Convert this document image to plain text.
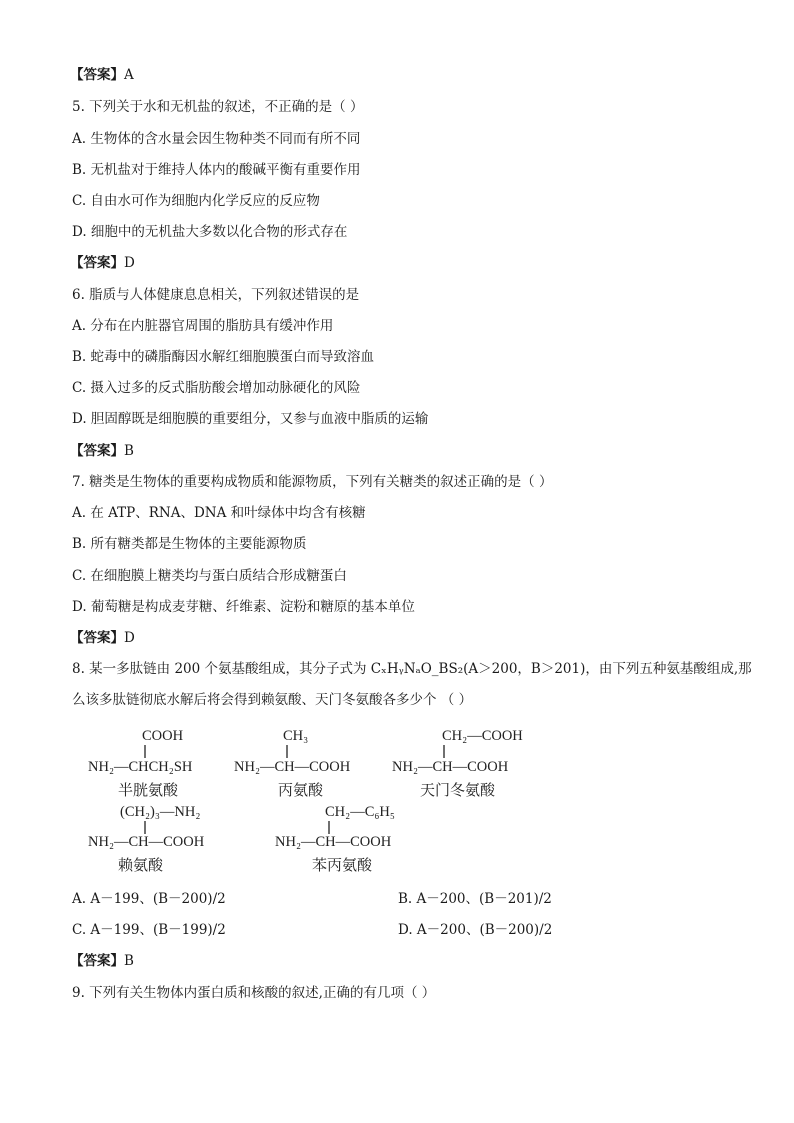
【答案】A
5. 下列关于水和无机盐的叙述，不正确的是（ ）
A. 生物体的含水量会因生物种类不同而有所不同
B. 无机盐对于维持人体内的酸碱平衡有重要作用
C. 自由水可作为细胞内化学反应的反应物
D. 细胞中的无机盐大多数以化合物的形式存在
【答案】D
6. 脂质与人体健康息息相关，下列叙述错误的是
A. 分布在内脏器官周围的脂肪具有缓冲作用
B. 蛇毒中的磷脂酶因水解红细胞膜蛋白而导致溶血
C. 摄入过多的反式脂肪酸会增加动脉硬化的风险
D. 胆固醇既是细胞膜的重要组分，又参与血液中脂质的运输
【答案】B
7. 糖类是生物体的重要构成物质和能源物质，下列有关糖类的叙述正确的是（ ）
A. 在 ATP、RNA、DNA 和叶绿体中均含有核糖
B. 所有糖类都是生物体的主要能源物质
C. 在细胞膜上糖类均与蛋白质结合形成糖蛋白
D. 葡萄糖是构成麦芽糖、纤维素、淀粉和糖原的基本单位
【答案】D
8. 某一多肽链由 200 个氨基酸组成，其分子式为 CₓHᵧNₐO_BS₂(A＞200，B＞201)，由下列五种氨基酸组成,那
么该多肽链彻底水解后将会得到赖氨酸、天门冬氨酸各多少个 （ ）
COOH
NH₂—CHCH₂SH
半胱氨酸
CH₃
NH₂—CH—COOH
丙氨酸
CH₂—COOH
NH₂—CH—COOH
天门冬氨酸
(CH₂)₃—NH₂
NH₂—CH—COOH
赖氨酸
CH₂—C₆H₅
NH₂—CH—COOH
苯丙氨酸
A. A－199、(B－200)/2	B. A－200、(B－201)/2
C. A－199、(B－199)/2	D. A－200、(B－200)/2
【答案】B
9. 下列有关生物体内蛋白质和核酸的叙述,正确的有几项（ ）
